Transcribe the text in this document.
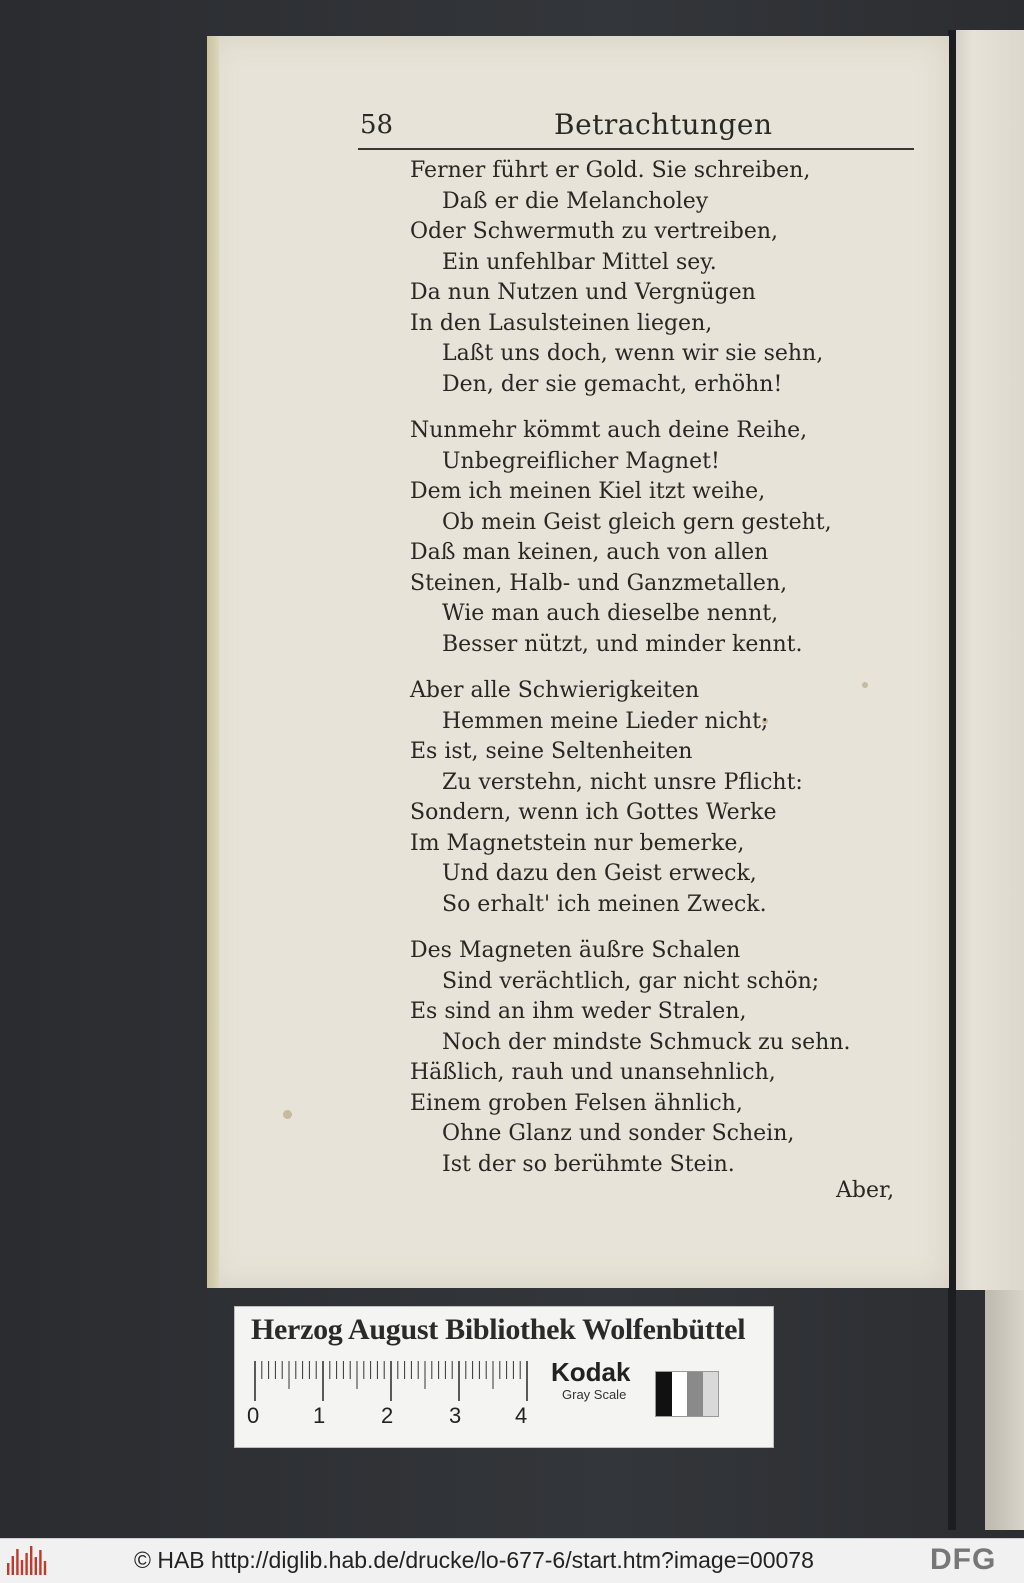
58	Betrachtungen
Ferner führt er Gold. Sie schreiben,
Daß er die Melancholey
Oder Schwermuth zu vertreiben,
Ein unfehlbar Mittel sey.
Da nun Nutzen und Vergnügen
In den Lasulsteinen liegen,
Laßt uns doch, wenn wir sie sehn,
Den, der sie gemacht, erhöhn!
Nunmehr kömmt auch deine Reihe,
Unbegreiflicher Magnet!
Dem ich meinen Kiel itzt weihe,
Ob mein Geist gleich gern gesteht,
Daß man keinen, auch von allen
Steinen, Halb- und Ganzmetallen,
Wie man auch dieselbe nennt,
Besser nützt, und minder kennt.
Aber alle Schwierigkeiten
Hemmen meine Lieder nicht;
Es ist, seine Seltenheiten
Zu verstehn, nicht unsre Pflicht:
Sondern, wenn ich Gottes Werke
Im Magnetstein nur bemerke,
Und dazu den Geist erweck,
So erhalt' ich meinen Zweck.
Des Magneten äußre Schalen
Sind verächtlich, gar nicht schön;
Es sind an ihm weder Stralen,
Noch der mindste Schmuck zu sehn.
Häßlich, rauh und unansehnlich,
Einem groben Felsen ähnlich,
Ohne Glanz und sonder Schein,
Ist der so berühmte Stein.
Aber,
Herzog August Bibliothek Wolfenbüttel
0 1	2	3 4
Kodak
Gray Scale
© HAB http://diglib.hab.de/drucke/lo-677-6/start.htm?image=00078	DFG
